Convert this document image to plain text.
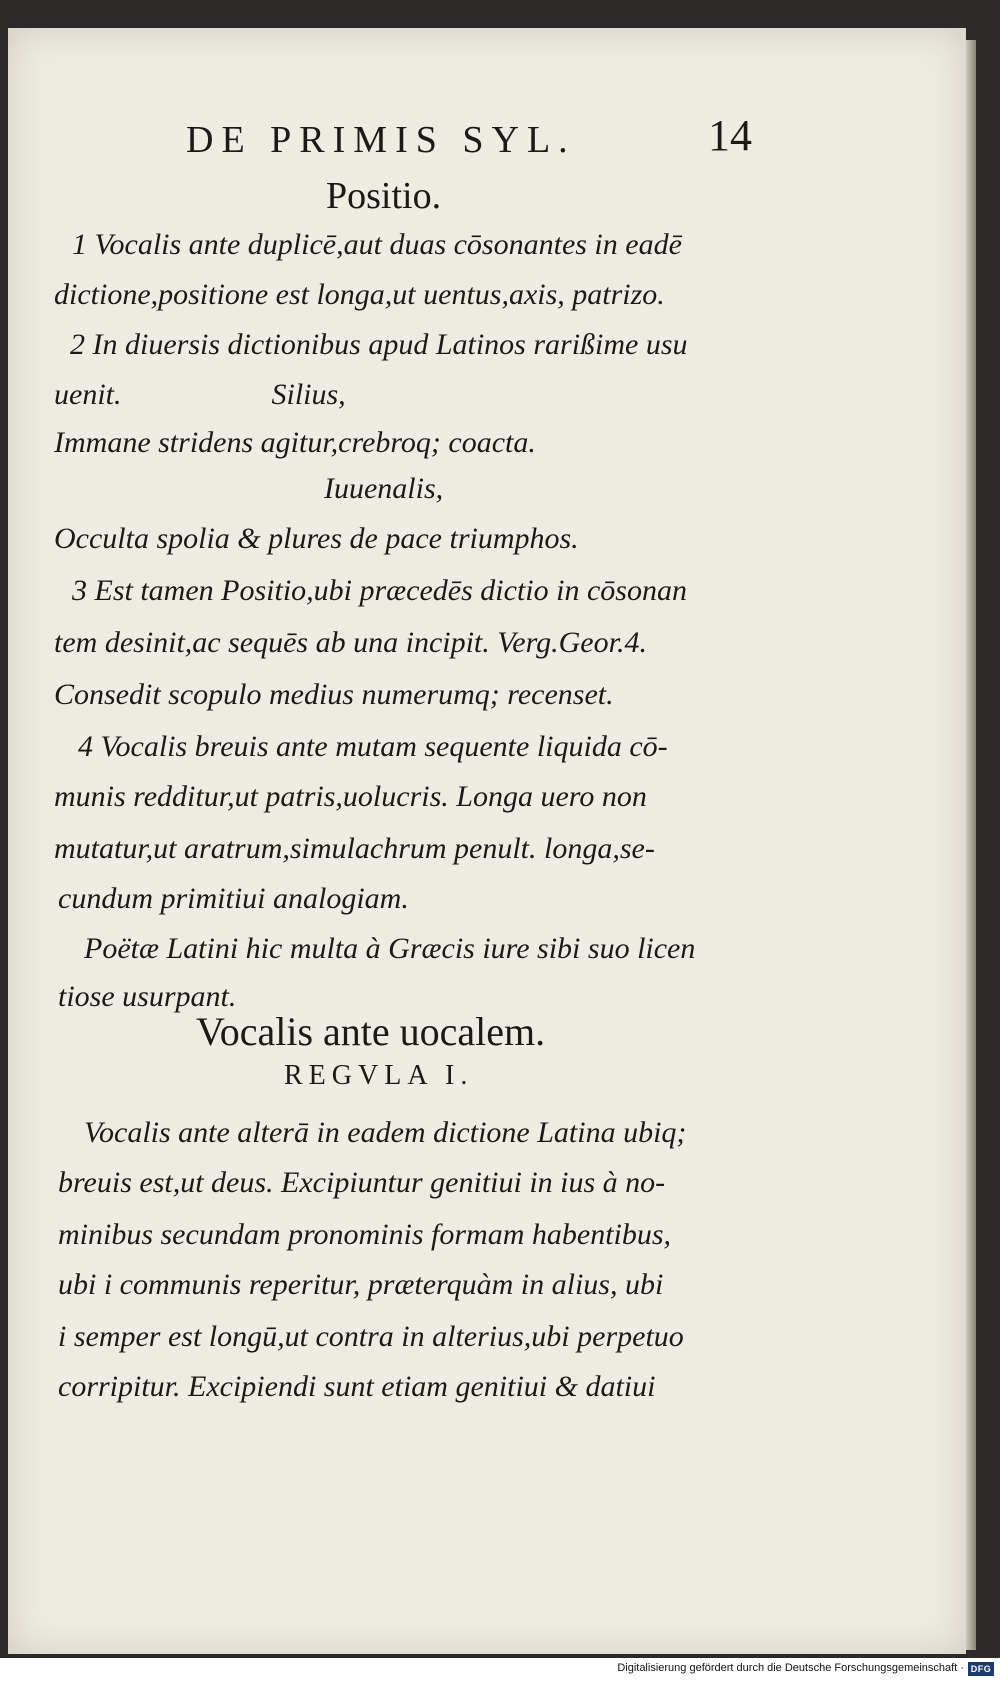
DE PRIMIS SYL.	14
Positio.
1 Vocalis ante duplicē,aut duas cōsonantes in eadē
dictione,positione est longa,ut uentus,axis, patrizo.
2 In diuersis dictionibus apud Latinos rarißime usu
uenit.                    Silius,
Immane stridens agitur,crebroq; coacta.
Iuuenalis,
Occulta spolia & plures de pace triumphos.
3 Est tamen Positio,ubi præcedēs dictio in cōsonan
tem desinit,ac sequēs ab una incipit. Verg.Geor.4.
Consedit scopulo medius numerumq; recenset.
4 Vocalis breuis ante mutam sequente liquida cō-
munis redditur,ut patris,uolucris. Longa uero non
mutatur,ut aratrum,simulachrum penult. longa,se-
cundum primitiui analogiam.
Poëtæ Latini hic multa à Græcis iure sibi suo licen
tiose usurpant.
Vocalis ante uocalem.
REGVLA I.
Vocalis ante alterā in eadem dictione Latina ubiq;
breuis est,ut deus. Excipiuntur genitiui in ius à no-
minibus secundam pronominis formam habentibus,
ubi i communis reperitur, præterquàm in alius, ubi
i semper est longū,ut contra in alterius,ubi perpetuo
corripitur. Excipiendi sunt etiam genitiui & datiui
Digitalisierung gefördert durch die Deutsche Forschungsgemeinschaft · DFG
